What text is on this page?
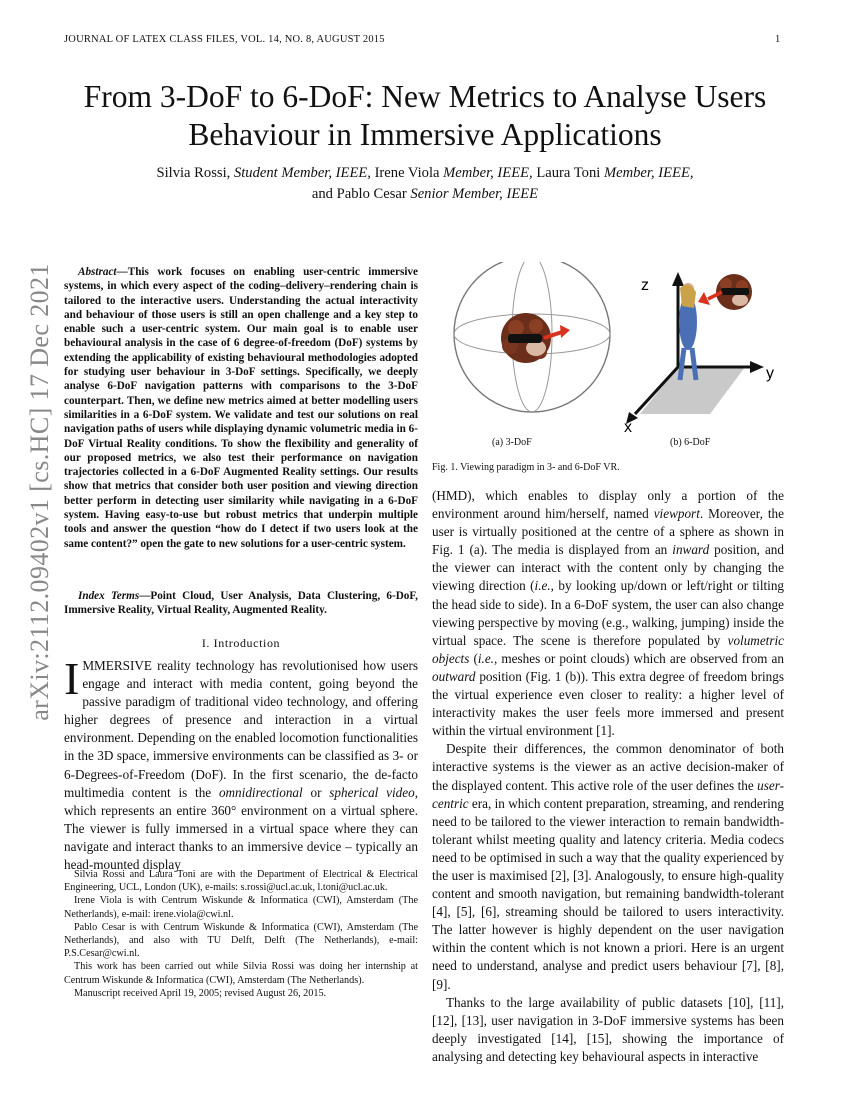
JOURNAL OF LATEX CLASS FILES, VOL. 14, NO. 8, AUGUST 2015	1
From 3-DoF to 6-DoF: New Metrics to Analyse Users Behaviour in Immersive Applications
Silvia Rossi, Student Member, IEEE, Irene Viola Member, IEEE, Laura Toni Member, IEEE,
and Pablo Cesar Senior Member, IEEE
arXiv:2112.09402v1 [cs.HC] 17 Dec 2021	Abstract—This work focuses on enabling user-centric immersive systems, in which every aspect of the coding–delivery–rendering chain is tailored to the interactive users. Understanding the actual interactivity and behaviour of those users is still an open challenge and a key step to enable such a user-centric system. Our main goal is to enable user behavioural analysis in the case of 6 degree-of-freedom (DoF) systems by extending the applicability of existing behavioural methodologies adopted for studying user behaviour in 3-DoF settings. Specifically, we deeply analyse 6-DoF navigation patterns with comparisons to the 3-DoF counterpart. Then, we define new metrics aimed at better modelling users similarities in a 6-DoF system. We validate and test our solutions on real navigation paths of users while displaying dynamic volumetric media in 6-DoF Virtual Reality conditions. To show the flexibility and generality of our proposed metrics, we also test their performance on navigation trajectories collected in a 6-DoF Augmented Reality settings. Our results show that metrics that consider both user position and viewing direction better perform in detecting user similarity while navigating in a 6-DoF system. Having easy-to-use but robust metrics that underpin multiple tools and answer the question “how do I detect if two users look at the same content?” open the gate to new solutions for a user-centric system.
Index Terms—Point Cloud, User Analysis, Data Clustering, 6-DoF, Immersive Reality, Virtual Reality, Augmented Reality.
I. Introduction
IMMERSIVE reality technology has revolutionised how users engage and interact with media content, going beyond the passive paradigm of traditional video technology, and offering higher degrees of presence and interaction in a virtual environment. Depending on the enabled locomotion functionalities in the 3D space, immersive environments can be classified as 3- or 6-Degrees-of-Freedom (DoF). In the first scenario, the de-facto multimedia content is the omnidirectional or spherical video, which represents an entire 360° environment on a virtual sphere. The viewer is fully immersed in a virtual space where they can navigate and interact thanks to an immersive device – typically an head-mounted display

Silvia Rossi and Laura Toni are with the Department of Electrical & Electrical Engineering, UCL, London (UK), e-mails: s.rossi@ucl.ac.uk, l.toni@ucl.ac.uk.

Irene Viola is with Centrum Wiskunde & Informatica (CWI), Amsterdam (The Netherlands), e-mail: irene.viola@cwi.nl.

Pablo Cesar is with Centrum Wiskunde & Informatica (CWI), Amsterdam (The Netherlands), and also with TU Delft, Delft (The Netherlands), e-mail: P.S.Cesar@cwi.nl.

This work has been carried out while Silvia Rossi was doing her internship at Centrum Wiskunde & Informatica (CWI), Amsterdam (The Netherlands).

Manuscript received April 19, 2005; revised August 26, 2015.

z
y
x
(a) 3-DoF	(b) 6-DoF
Fig. 1. Viewing paradigm in 3- and 6-DoF VR.

(HMD), which enables to display only a portion of the environment around him/herself, named viewport. Moreover, the user is virtually positioned at the centre of a sphere as shown in Fig. 1 (a). The media is displayed from an inward position, and the viewer can interact with the content only by changing the viewing direction (i.e., by looking up/down or left/right or tilting the head side to side). In a 6-DoF system, the user can also change viewing perspective by moving (e.g., walking, jumping) inside the virtual space. The scene is therefore populated by volumetric objects (i.e., meshes or point clouds) which are observed from an outward position (Fig. 1 (b)). This extra degree of freedom brings the virtual experience even closer to reality: a higher level of interactivity makes the user feels more immersed and present within the virtual environment [1].

Despite their differences, the common denominator of both interactive systems is the viewer as an active decision-maker of the displayed content. This active role of the user defines the user-centric era, in which content preparation, streaming, and rendering need to be tailored to the viewer interaction to remain bandwidth-tolerant whilst meeting quality and latency criteria. Media codecs need to be optimised in such a way that the quality experienced by the user is maximised [2], [3]. Analogously, to ensure high-quality content and smooth navigation, but remaining bandwidth-tolerant [4], [5], [6], streaming should be tailored to users interactivity. The latter however is highly dependent on the user navigation within the content which is not known a priori. Here is an urgent need to understand, analyse and predict users behaviour [7], [8], [9].

Thanks to the large availability of public datasets [10], [11], [12], [13], user navigation in 3-DoF immersive systems has been deeply investigated [14], [15], showing the importance of analysing and detecting key behavioural aspects in interactive
